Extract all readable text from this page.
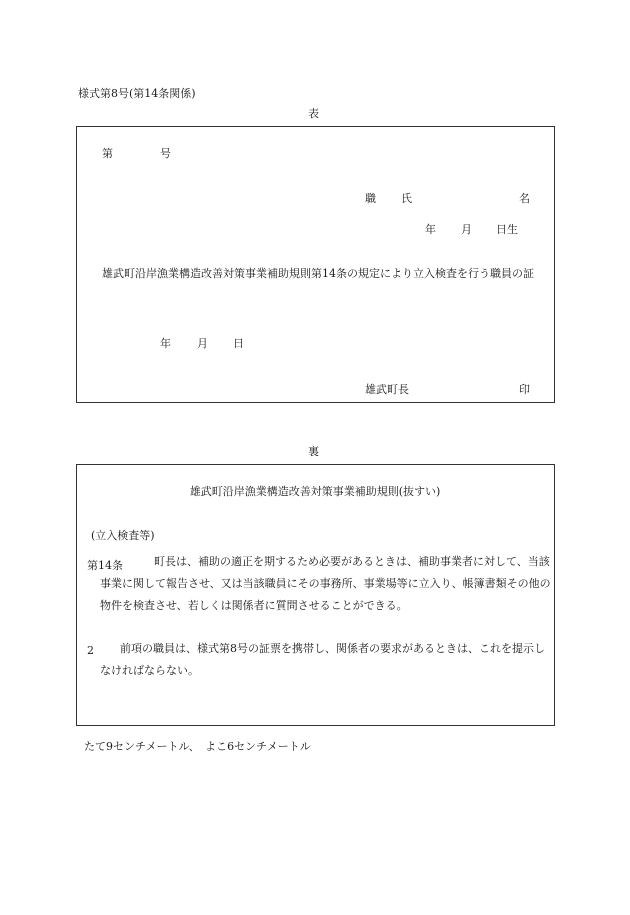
様式第8号(第14条関係)
表
第	号
職 氏	名
年 月 日生
雄武町沿岸漁業構造改善対策事業補助規則第14条の規定により立入検査を行う職員の証
年 月 日
雄武町長	印
裏
雄武町沿岸漁業構造改善対策事業補助規則(抜すい)
(立入検査等)
第14条	町長は、補助の適正を期するため必要があるときは、補助事業者に対して、当該事業に関して報告させ、又は当該職員にその事務所、事業場等に立入り、帳簿書類その他の物件を検査させ、若しくは関係者に質問させることができる。
2	前項の職員は、様式第8号の証票を携帯し、関係者の要求があるときは、これを提示しなければならない。
たて9センチメートル、　よこ6センチメートル
